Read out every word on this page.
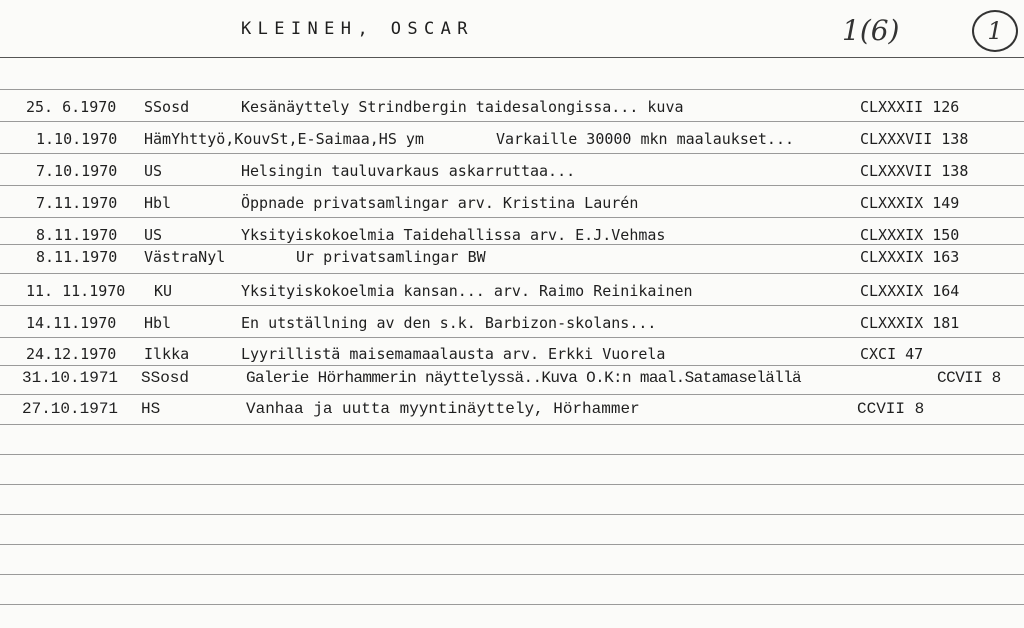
KLEINEH, OSCAR	1(6)	1
25. 6.1970 SSosd	Kesänäyttely Strindbergin taidesalongissa... kuva	CLXXXII 126
1.10.1970 HämYhttyö,KouvSt,E-Saimaa,HS ym	Varkaille 30000 mkn maalaukset...	CLXXXVII 138
7.10.1970 US	Helsingin tauluvarkaus askarruttaa...	CLXXXVII 138
7.11.1970 Hbl	Öppnade privatsamlingar arv. Kristina Laurén	CLXXXIX 149
8.11.1970 US	Yksityiskokoelmia Taidehallissa arv. E.J.Vehmas	CLXXXIX 150
8.11.1970 VästraNyl	Ur privatsamlingar BW	CLXXXIX 163
11. 11.1970 KU	Yksityiskokoelmia kansan... arv. Raimo Reinikainen	CLXXXIX 164
14.11.1970 Hbl	En utställning av den s.k. Barbizon-skolans...	CLXXXIX 181
24.12.1970 Ilkka	Lyyrillistä maisemamaalausta arv. Erkki Vuorela	CXCI 47
31.10.1971 SSosd	Galerie Hörhammerin näyttelyssä..Kuva O.K:n maal.Satamaselällä	CCVII 8
27.10.1971 HS	Vanhaa ja uutta myyntinäyttely, Hörhammer	CCVII 8
